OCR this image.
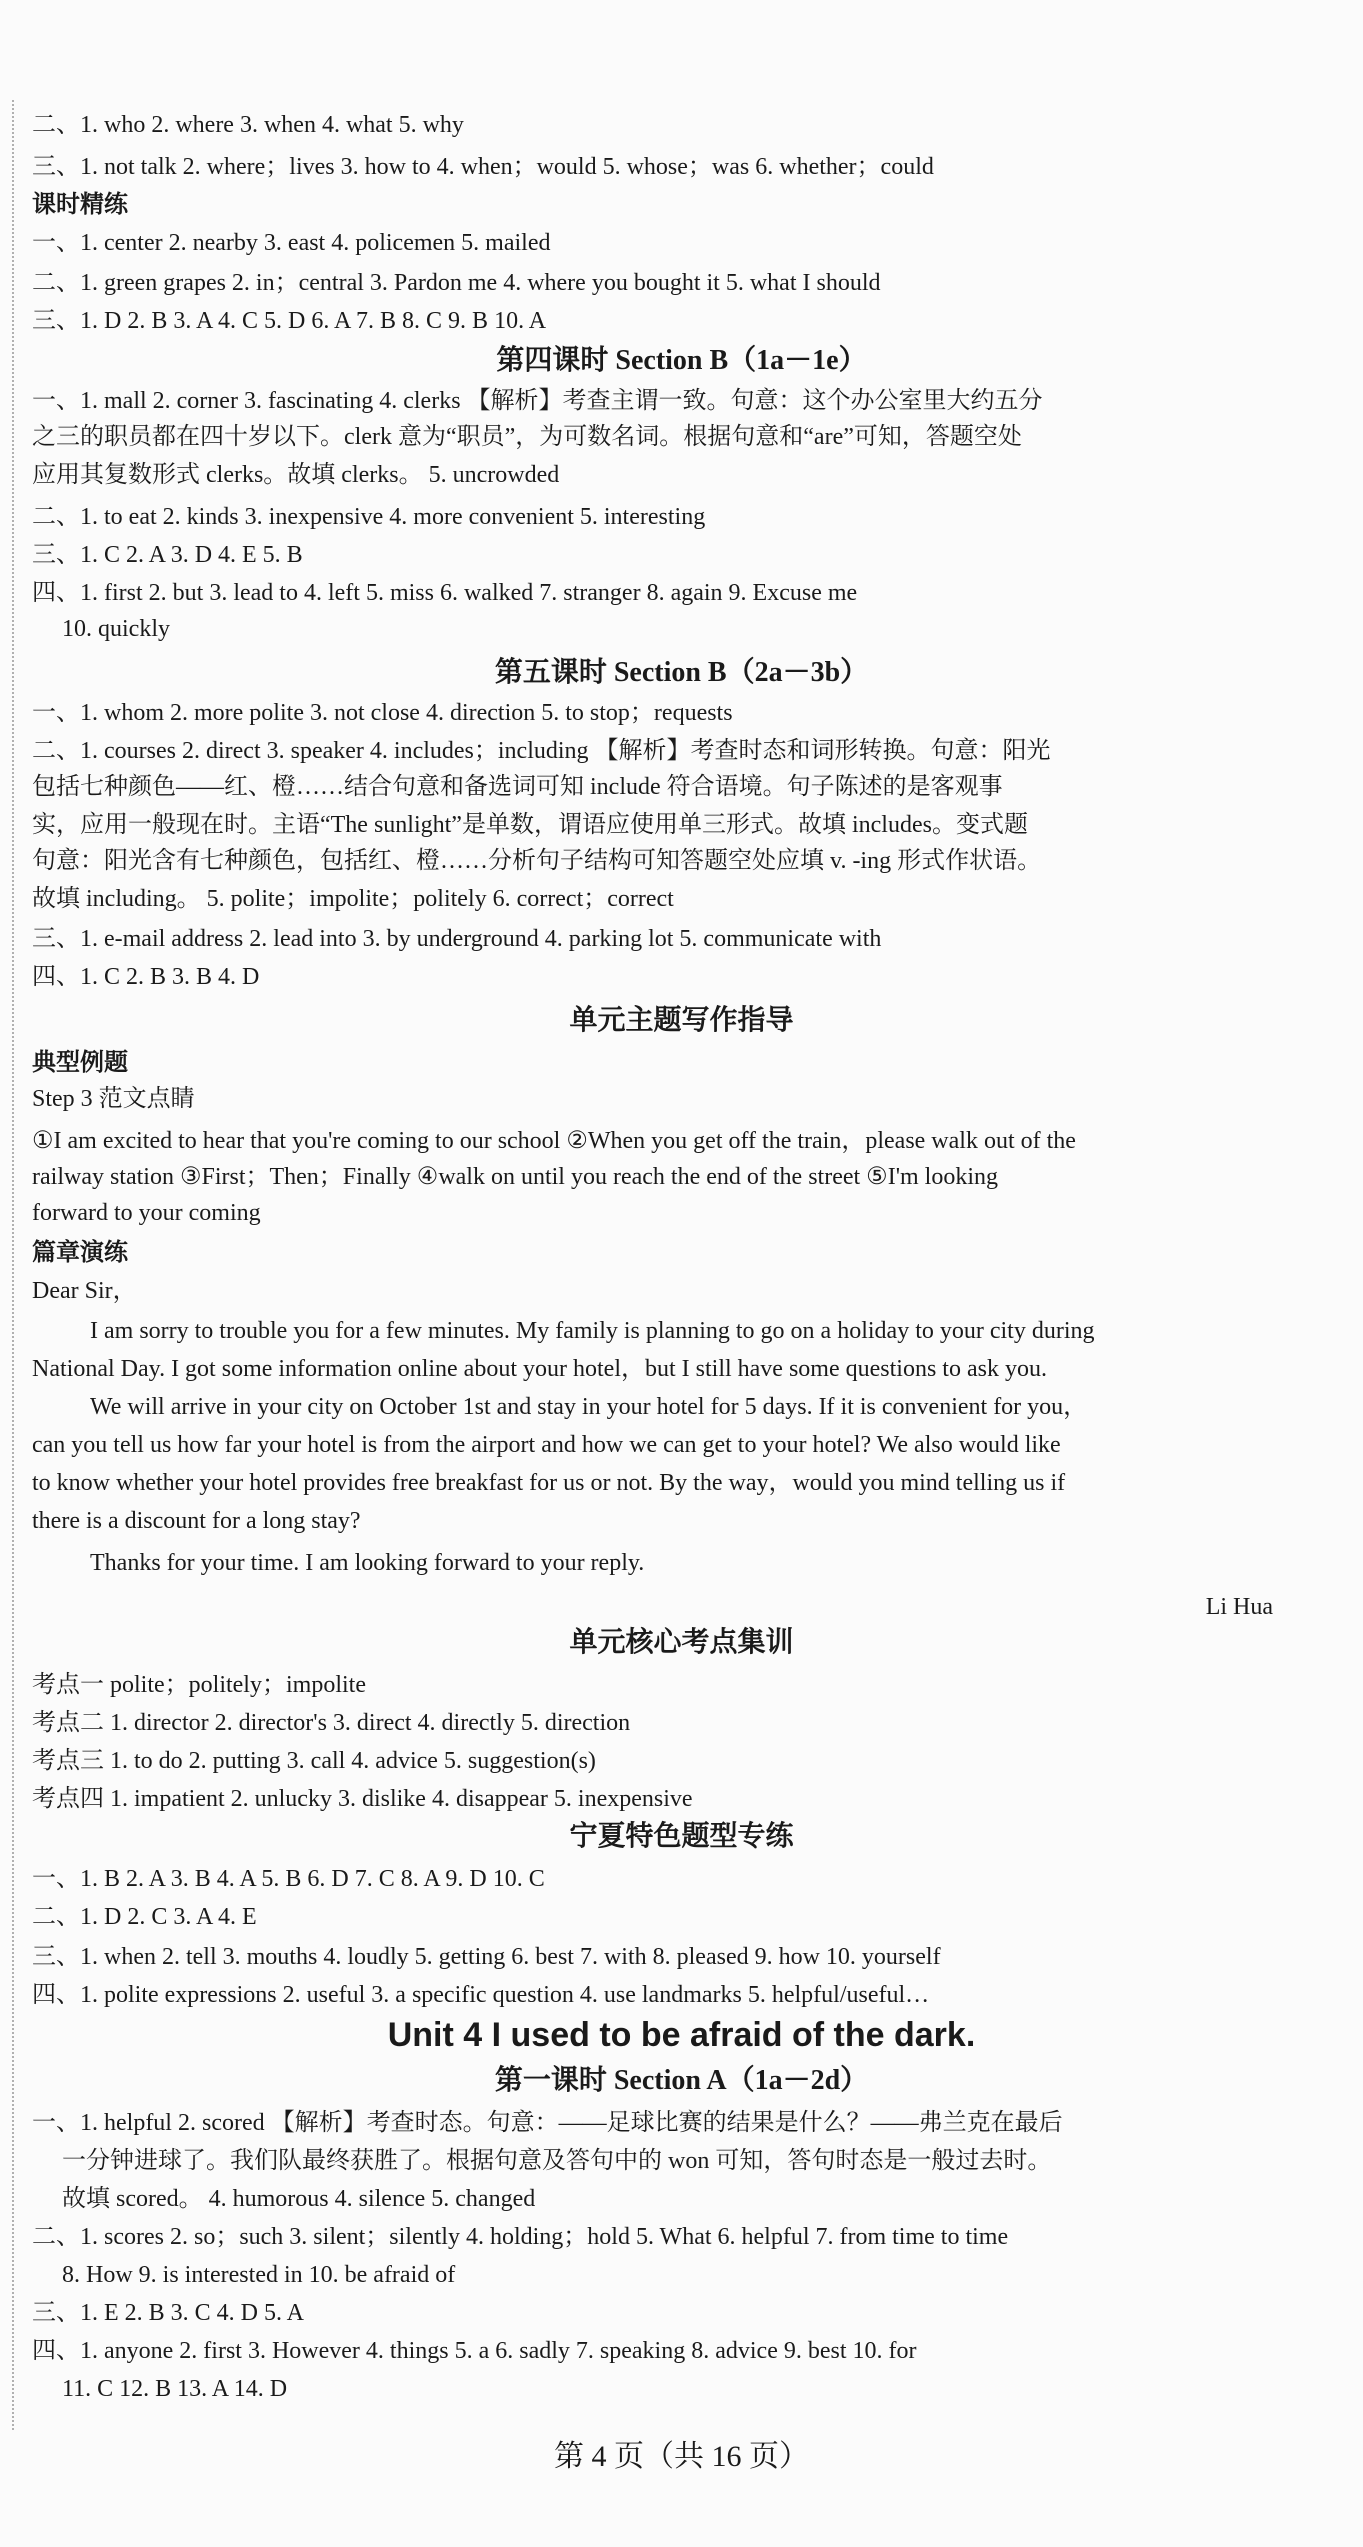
二、1. who 2. where 3. when 4. what 5. why
三、1. not talk 2. where；lives 3. how to 4. when；would 5. whose；was 6. whether；could
课时精练
一、1. center 2. nearby 3. east 4. policemen 5. mailed
二、1. green grapes 2. in；central 3. Pardon me 4. where you bought it 5. what I should
三、1. D 2. B 3. A 4. C 5. D 6. A 7. B 8. C 9. B 10. A
第四课时 Section B（1a－1e）
一、1. mall 2. corner 3. fascinating 4. clerks 【解析】考查主谓一致。句意：这个办公室里大约五分
之三的职员都在四十岁以下。clerk 意为“职员”，为可数名词。根据句意和“are”可知，答题空处
应用其复数形式 clerks。故填 clerks。 5. uncrowded
二、1. to eat 2. kinds 3. inexpensive 4. more convenient 5. interesting
三、1. C 2. A 3. D 4. E 5. B
四、1. first 2. but 3. lead to 4. left 5. miss 6. walked 7. stranger 8. again 9. Excuse me
10. quickly
第五课时 Section B（2a－3b）
一、1. whom 2. more polite 3. not close 4. direction 5. to stop；requests
二、1. courses 2. direct 3. speaker 4. includes；including 【解析】考查时态和词形转换。句意：阳光
包括七种颜色——红、橙……结合句意和备选词可知 include 符合语境。句子陈述的是客观事
实，应用一般现在时。主语“The sunlight”是单数，谓语应使用单三形式。故填 includes。变式题
句意：阳光含有七种颜色，包括红、橙……分析句子结构可知答题空处应填 v. -ing 形式作状语。
故填 including。 5. polite；impolite；politely 6. correct；correct
三、1. e-mail address 2. lead into 3. by underground 4. parking lot 5. communicate with
四、1. C 2. B 3. B 4. D
单元主题写作指导
典型例题
Step 3 范文点睛
①I am excited to hear that you're coming to our school ②When you get off the train，please walk out of the
railway station ③First；Then；Finally ④walk on until you reach the end of the street ⑤I'm looking
forward to your coming
篇章演练
Dear Sir，
I am sorry to trouble you for a few minutes. My family is planning to go on a holiday to your city during
National Day. I got some information online about your hotel，but I still have some questions to ask you.
We will arrive in your city on October 1st and stay in your hotel for 5 days. If it is convenient for you，
can you tell us how far your hotel is from the airport and how we can get to your hotel? We also would like
to know whether your hotel provides free breakfast for us or not. By the way，would you mind telling us if
there is a discount for a long stay?
Thanks for your time. I am looking forward to your reply.
Li Hua
单元核心考点集训
考点一 polite；politely；impolite
考点二 1. director 2. director's 3. direct 4. directly 5. direction
考点三 1. to do 2. putting 3. call 4. advice 5. suggestion(s)
考点四 1. impatient 2. unlucky 3. dislike 4. disappear 5. inexpensive
宁夏特色题型专练
一、1. B 2. A 3. B 4. A 5. B 6. D 7. C 8. A 9. D 10. C
二、1. D 2. C 3. A 4. E
三、1. when 2. tell 3. mouths 4. loudly 5. getting 6. best 7. with 8. pleased 9. how 10. yourself
四、1. polite expressions 2. useful 3. a specific question 4. use landmarks 5. helpful/useful…
Unit 4 I used to be afraid of the dark.
第一课时 Section A（1a－2d）
一、1. helpful 2. scored 【解析】考查时态。句意：——足球比赛的结果是什么？——弗兰克在最后
一分钟进球了。我们队最终获胜了。根据句意及答句中的 won 可知，答句时态是一般过去时。
故填 scored。 4. humorous 4. silence 5. changed
二、1. scores 2. so；such 3. silent；silently 4. holding；hold 5. What 6. helpful 7. from time to time
8. How 9. is interested in 10. be afraid of
三、1. E 2. B 3. C 4. D 5. A
四、1. anyone 2. first 3. However 4. things 5. a 6. sadly 7. speaking 8. advice 9. best 10. for
11. C 12. B 13. A 14. D
第 4 页（共 16 页）
